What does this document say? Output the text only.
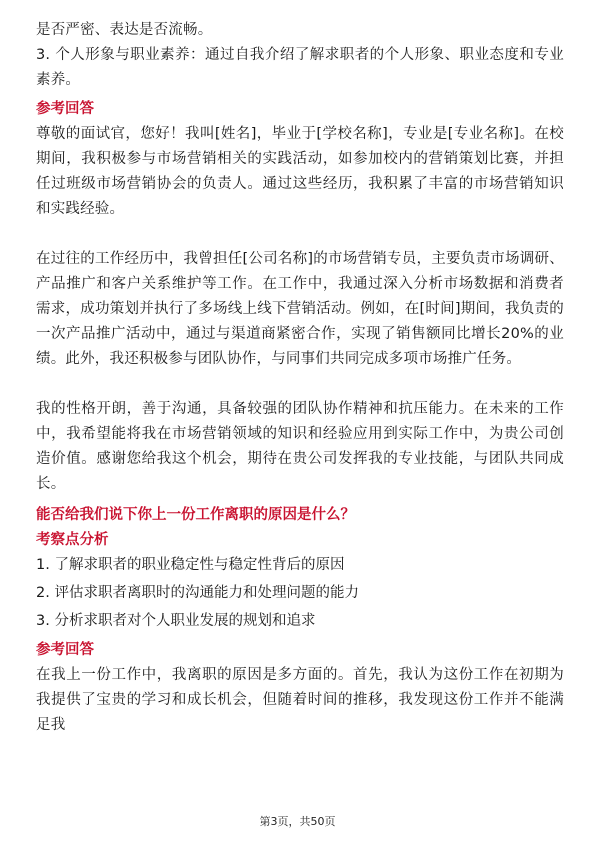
是否严密、表达是否流畅。

3. 个人形象与职业素养：通过自我介绍了解求职者的个人形象、职业态度和专业素养。

参考回答

尊敬的面试官，您好！我叫[姓名]，毕业于[学校名称]，专业是[专业名称]。在校期间，我积极参与市场营销相关的实践活动，如参加校内的营销策划比赛，并担任过班级市场营销协会的负责人。通过这些经历，我积累了丰富的市场营销知识和实践经验。

在过往的工作经历中，我曾担任[公司名称]的市场营销专员，主要负责市场调研、产品推广和客户关系维护等工作。在工作中，我通过深入分析市场数据和消费者需求，成功策划并执行了多场线上线下营销活动。例如，在[时间]期间，我负责的一次产品推广活动中，通过与渠道商紧密合作，实现了销售额同比增长20%的业绩。此外，我还积极参与团队协作，与同事们共同完成多项市场推广任务。

我的性格开朗，善于沟通，具备较强的团队协作精神和抗压能力。在未来的工作中，我希望能将我在市场营销领域的知识和经验应用到实际工作中，为贵公司创造价值。感谢您给我这个机会，期待在贵公司发挥我的专业技能，与团队共同成长。

能否给我们说下你上一份工作离职的原因是什么？

考察点分析

1. 了解求职者的职业稳定性与稳定性背后的原因

2. 评估求职者离职时的沟通能力和处理问题的能力

3. 分析求职者对个人职业发展的规划和追求

参考回答

在我上一份工作中，我离职的原因是多方面的。首先，我认为这份工作在初期为我提供了宝贵的学习和成长机会，但随着时间的推移，我发现这份工作并不能满足我

第3页，共50页
